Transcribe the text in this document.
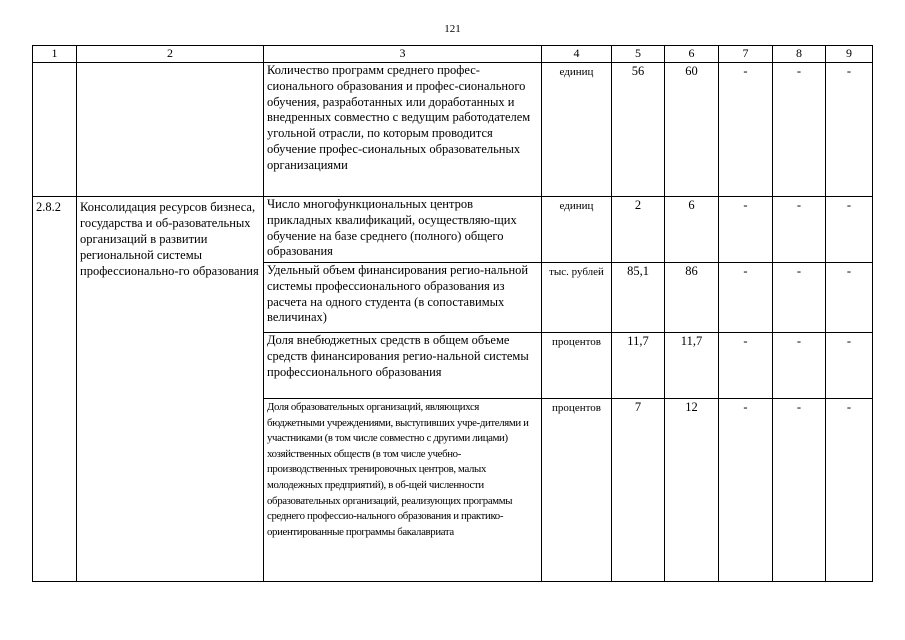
121
1	2	3	4	5	6	7	8	9
		Количество программ среднего профес-сионального образования и профес-сионального обучения, разработанных или доработанных и внедренных совместно с ведущим работодателем угольной отрасли, по которым проводится обучение профес-сиональных образовательных организациями	единиц	56	60	-	-	-
2.8.2	Консолидация ресурсов бизнеса, государства и об-разовательных организаций в развитии региональной системы профессионально-го образования	Число многофункциональных центров прикладных квалификаций, осуществляю-щих обучение на базе среднего (полного) общего образования	единиц	2	6	-	-	-
		Удельный объем финансирования регио-нальной системы профессионального образования из расчета на одного студента (в сопоставимых величинах)	тыс. рублей	85,1	86	-	-	-
		Доля внебюджетных средств в общем объеме средств финансирования регио-нальной системы профессионального образования	процентов	11,7	11,7	-	-	-
		Доля образовательных организаций, являющихся бюджетными учреждениями, выступивших учре-дителями и участниками (в том числе совместно с другими лицами) хозяйственных обществ (в том числе учебно-производственных тренировочных центров, малых молодежных предприятий), в об-щей численности образовательных организаций, реализующих программы среднего профессио-нального образования и практико-ориентированные программы бакалавриата	процентов	7	12	-	-	-
